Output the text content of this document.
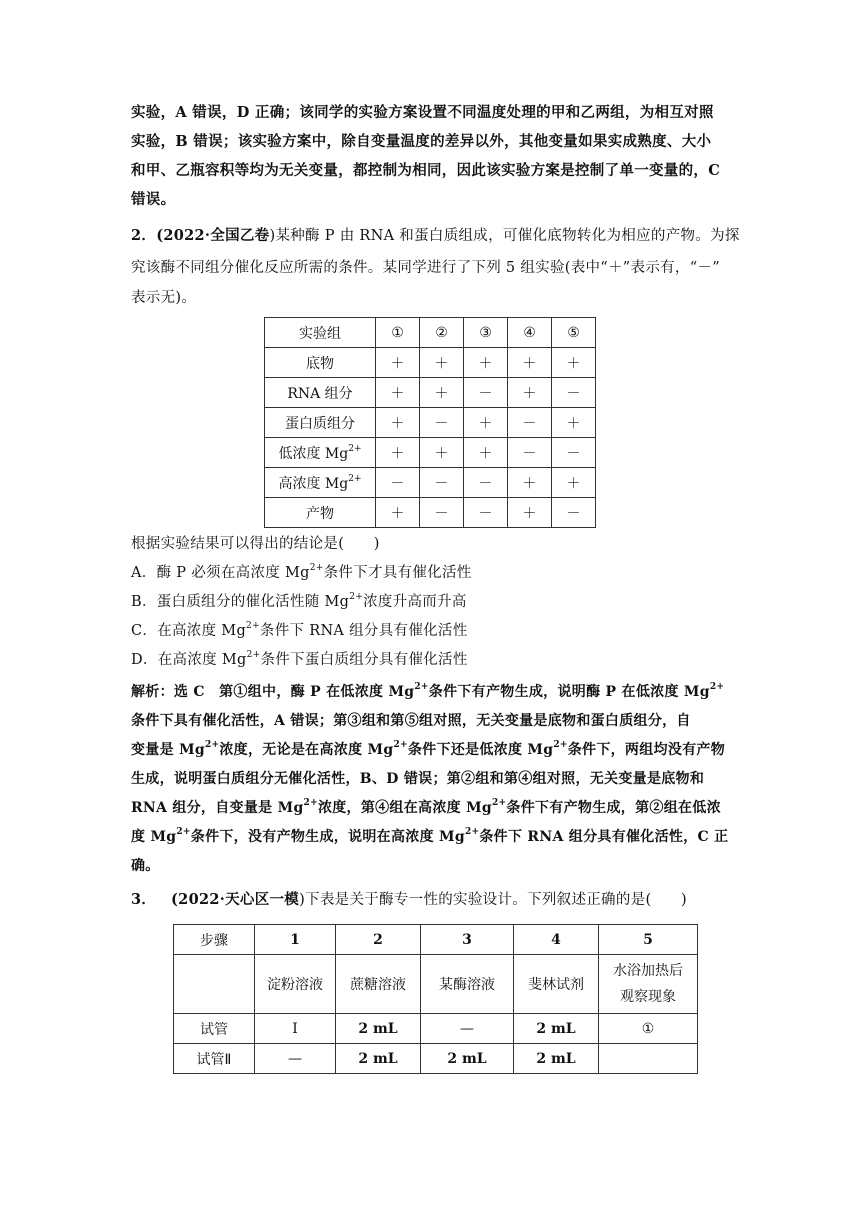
实验，A 错误，D 正确；该同学的实验方案设置不同温度处理的甲和乙两组，为相互对照
实验，B 错误；该实验方案中，除自变量温度的差异以外，其他变量如果实成熟度、大小
和甲、乙瓶容积等均为无关变量，都控制为相同，因此该实验方案是控制了单一变量的，C
错误。
2．(2022·全国乙卷)某种酶 P 由 RNA 和蛋白质组成，可催化底物转化为相应的产物。为探
究该酶不同组分催化反应所需的条件。某同学进行了下列 5 组实验(表中“＋”表示有，“－”
表示无)。
实验组	①	②	③	④	⑤
底物	＋	＋	＋	＋	＋
RNA 组分	＋	＋	－	＋	－
蛋白质组分	＋	－	＋	－	＋
低浓度 $Mg^{2+}$	＋	＋	＋	－	－
高浓度 $Mg^{2+}$	－	－	－	＋	＋
产物	＋	－	－	＋	－
根据实验结果可以得出的结论是(　　)
A．酶 P 必须在高浓度 $Mg^{2+}$条件下才具有催化活性
B．蛋白质组分的催化活性随 $Mg^{2+}$浓度升高而升高
C．在高浓度 $Mg^{2+}$条件下 RNA 组分具有催化活性
D．在高浓度 $Mg^{2+}$条件下蛋白质组分具有催化活性
解析：选 C　第①组中，酶 P 在低浓度 $Mg^{2+}$条件下有产物生成，说明酶 P 在低浓度 $Mg^{2+}$
条件下具有催化活性，A 错误；第③组和第⑤组对照，无关变量是底物和蛋白质组分，自
变量是 $Mg^{2+}$浓度，无论是在高浓度 $Mg^{2+}$条件下还是低浓度 $Mg^{2+}$条件下，两组均没有产物
生成，说明蛋白质组分无催化活性，B、D 错误；第②组和第④组对照，无关变量是底物和
RNA 组分，自变量是 $Mg^{2+}$浓度，第④组在高浓度 $Mg^{2+}$条件下有产物生成，第②组在低浓
度 $Mg^{2+}$条件下，没有产物生成，说明在高浓度 $Mg^{2+}$条件下 RNA 组分具有催化活性，C 正
确。
3．  (2022·天心区一模)下表是关于酶专一性的实验设计。下列叙述正确的是(　　)
步骤	1	2	3	4	5
	淀粉溶液	蔗糖溶液	某酶溶液	斐林试剂	水浴加热后
观察现象

试管	Ⅰ	2 mL	—	2 mL	①
试管Ⅱ	—	2 mL	2 mL	2 mL	
